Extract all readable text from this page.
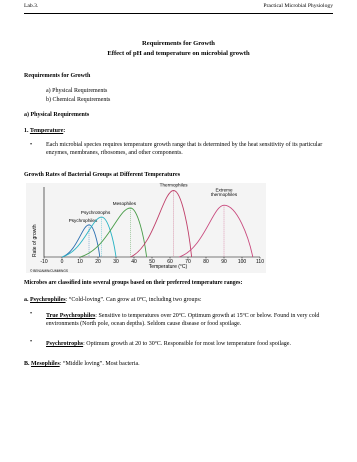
Lab.3.	Practical Microbial Physiology
Requirements for Growth
Effect of pH and temperature on microbial growth
Requirements for Growth
a) Physical Requirements
b) Chemical Requirements
a) Physical Requirements
1. Temperature:
• Each microbial species requires temperature growth range that is determined by the heat sensitivity of its particular enzymes, membranes, ribosomes, and other components.
Growth Rates of Bacterial Groups at Different Temperatures
-10	0	10 20 30 40 50 60 70 80 90 100 110
Psychrophiles
Psychrotrophs
Mesophiles
Thermophiles
Extreme
thermophiles
Rate of growth
Temperature (°C)
© BENJAMIN/CUMMINGS
Microbes are classified into several groups based on their preferred temperature ranges:
a. Psychrophiles: “Cold-loving”. Can grow at 0$^o$C, including two groups:
• True Psychrophiles: Sensitive to temperatures over 20$^o$C. Optimum growth at 15$^o$C or below. Found in very cold environments (North pole, ocean depths). Seldom cause disease or food spoilage.
• Psychrotrophs: Optimum growth at 20 to 30$^o$C. Responsible for most low temperature food spoilage.
B. Mesophiles: “Middle loving”. Most bacteria.
